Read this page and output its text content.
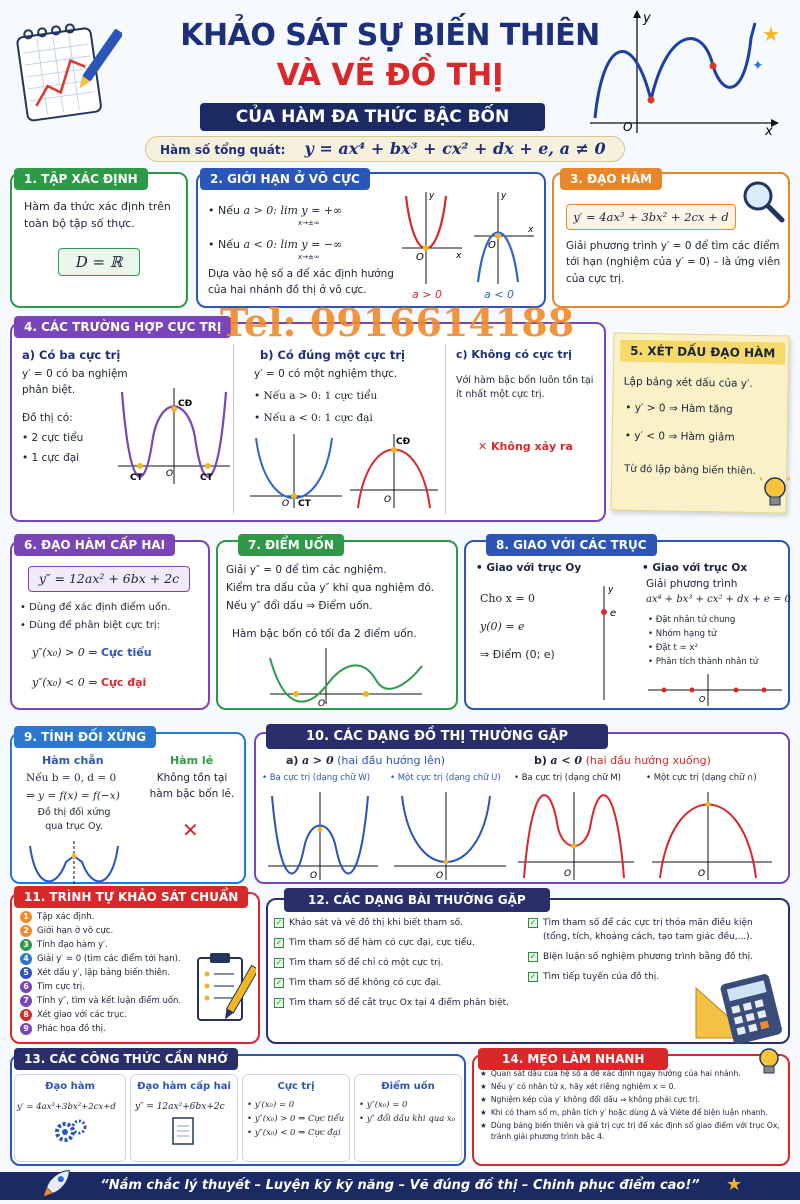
KHẢO SÁT SỰ BIẾN THIÊN
VÀ VẼ ĐỒ THỊ
CỦA HÀM ĐA THỨC BẬC BỐN
Hàm số tổng quát: y = ax⁴ + bx³ + cx² + dx + e, a ≠ 0
y
x
O
★
✦
Hàm đa thức xác định trên toàn bộ tập số thực.
D = ℝ
1. TẬP XÁC ĐỊNH
• Nếu a > 0: lim y = +∞
x→±∞
• Nếu a < 0: lim y = −∞
x→±∞
Dựa vào hệ số a để xác định hướng của hai nhánh đồ thị ở vô cực.
O
O
y	y
x
x
a > 0	a < 0
2. GIỚI HẠN Ở VÔ CỰC
y′ = 4ax³ + 3bx² + 2cx + d
Giải phương trình y′ = 0 để tìm các điểm tới hạn (nghiệm của y′ = 0) – là ứng viên của cực trị.
3. ĐẠO HÀM
4. CÁC TRƯỜNG HỢP CỰC TRỊ
Tel: 0916614188
a) Có ba cực trị
y′ = 0 có ba nghiệm phân biệt.
Đồ thị có:
• 2 cực tiểu
• 1 cực đại
CĐ
CT	CT
O
b) Có đúng một cực trị
y′ = 0 có một nghiệm thực.
• Nếu a > 0: 1 cực tiểu
• Nếu a < 0: 1 cực đại
CT
O
CĐ
O
c) Không có cực trị
Với hàm bậc bốn luôn tồn tại ít nhất một cực trị.
✕ Không xảy ra
5. XÉT DẤU ĐẠO HÀM
Lập bảng xét dấu của y′.
• y′ > 0 ⇒ Hàm tăng
• y′ < 0 ⇒ Hàm giảm
Từ đó lập bảng biến thiên.
y″ = 12ax² + 6bx + 2c
• Dùng để xác định điểm uốn.
• Dùng để phân biệt cực trị:
y″(x₀) > 0 ⇒ Cực tiểu
y″(x₀) < 0 ⇒ Cực đại
6. ĐẠO HÀM CẤP HAI
Giải y″ = 0 để tìm các nghiệm.
Kiểm tra dấu của y″ khi qua nghiệm đó.
Nếu y″ đổi dấu ⇒ Điểm uốn.
Hàm bậc bốn có tối đa 2 điểm uốn.
O
7. ĐIỂM UỐN
• Giao với trục Oy
Cho x = 0
y(0) = e
⇒ Điểm (0; e)
y
e
• Giao với trục Ox
Giải phương trình
ax⁴ + bx³ + cx² + dx + e = 0
• Đặt nhân tử chung
• Nhóm hạng tử
• Đặt t = x²
• Phân tích thành nhân tử
O
8. GIAO VỚI CÁC TRỤC
Hàm chẵn
Nếu b = 0, d = 0
⇒ y = f(x) = f(−x)
Đồ thị đối xứng qua trục Oy.
Hàm lẻ
Không tồn tại hàm bậc bốn lẻ.
✕
9. TÍNH ĐỐI XỨNG
a) a > 0 (hai đầu hướng lên)	b) a < 0 (hai đầu hướng xuống)
• Ba cực trị (dạng chữ W) •	Một cực trị (dạng chữ U) •	Ba cực trị (dạng chữ M) •	Một cực trị (dạng chữ ∩)
O	O	O	O
10. CÁC DẠNG ĐỒ THỊ THƯỜNG GẶP
11. TRÌNH TỰ KHẢO SÁT CHUẨN
1 Tập xác định.
2 Giới hạn ở vô cực.
3 Tính đạo hàm y′.
4 Giải y′ = 0 (tìm các điểm tới hạn).
5 Xét dấu y′, lập bảng biến thiên.
6 Tìm cực trị.
7 Tính y″, tìm và kết luận điểm uốn.
8 Xét giao với các trục.
9 Phác họa đồ thị.
12. CÁC DẠNG BÀI THƯỜNG GẶP
✓ Khảo sát và vẽ đồ thị khi biết tham số.
✓ Tìm tham số để hàm có cực đại, cực tiểu.
✓ Tìm tham số để chỉ có một cực trị.
✓ Tìm tham số để không có cực đại.
✓ Tìm tham số để cắt trục Ox tại 4 điểm phân biệt.
✓ Tìm tham số để các cực trị thỏa mãn điều kiện (tổng, tích, khoảng cách, tạo tam giác đều,...).
✓ Biện luận số nghiệm phương trình bằng đồ thị.
✓ Tìm tiếp tuyến của đồ thị.
13. CÁC CÔNG THỨC CẦN NHỚ
Đạo hàm
y′ = 4ax³+3bx²+2cx+d
Đạo hàm cấp hai
y″ = 12ax²+6bx+2c
Cực trị
• y′(x₀) = 0
• y″(x₀) > 0 ⇒ Cực tiểu
• y″(x₀) < 0 ⇒ Cực đại
Điểm uốn
• y″(x₀) = 0
• y″ đổi dấu khi qua x₀
14. MẸO LÀM NHANH
★ Quan sát dấu của hệ số a để xác định ngay hướng của hai nhánh.
★ Nếu y′ có nhân tử x, hãy xét riêng nghiệm x = 0.
★ Nghiệm kép của y′ không đổi dấu ⇒ không phải cực trị.
★ Khi có tham số m, phân tích y′ hoặc dùng Δ và Viète để biện luận nhanh.
★ Dùng bảng biến thiên và giá trị cực trị để xác định số giao điểm với trục Ox, tránh giải phương trình bậc 4.
“Nắm chắc lý thuyết – Luyện kỹ kỹ năng – Vẽ đúng đồ thị – Chinh phục điểm cao!”	★
